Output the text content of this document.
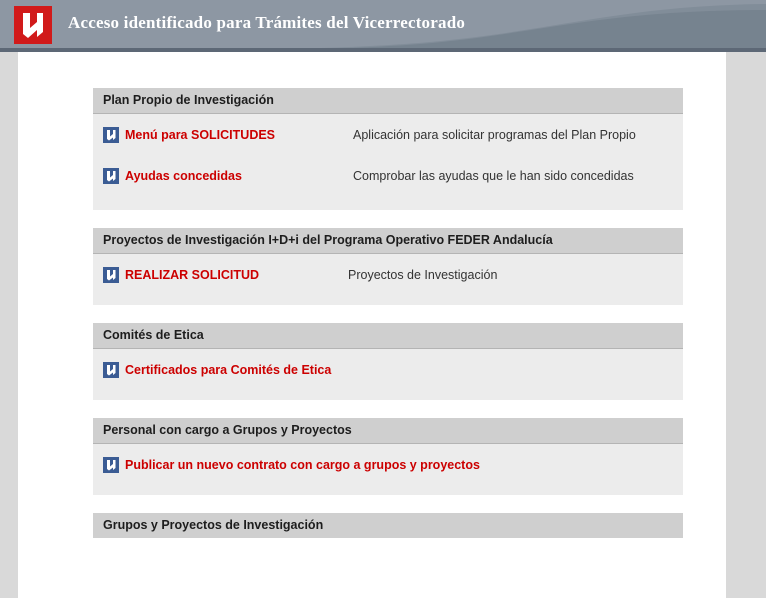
Acceso identificado para Trámites del Vicerrectorado
Plan Propio de Investigación
Menú para SOLICITUDES	Aplicación para solicitar programas del Plan Propio
Ayudas concedidas	Comprobar las ayudas que le han sido concedidas
Proyectos de Investigación I+D+i del Programa Operativo FEDER Andalucía
REALIZAR SOLICITUD	Proyectos de Investigación
Comités de Etica
Certificados para Comités de Etica
Personal con cargo a Grupos y Proyectos
Publicar un nuevo contrato con cargo a grupos y proyectos
Grupos y Proyectos de Investigación
